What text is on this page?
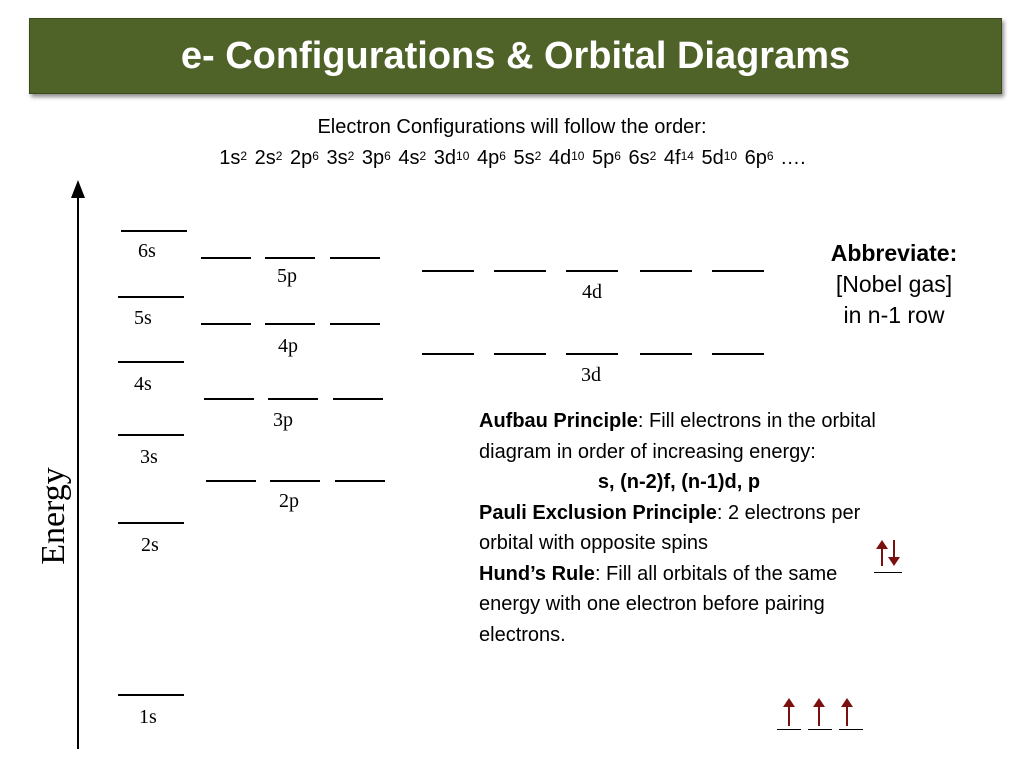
e- Configurations & Orbital Diagrams
Electron Configurations will follow the order:
$1s^2$ $2s^2$ $2p^6$ $3s^2$ $3p^6$ $4s^2$ $3d^{10}$ $4p^6$ $5s^2$ $4d^{10}$ $5p^6$ $6s^2$ $4f^{14}$ $5d^{10}$ $6p^6$ ….
Energy
6s
5s
4s
3s
2s
1s
5p
4p
3p
2p
4d
3d
Abbreviate:
[Nobel gas]
in n-1 row
Aufbau Principle: Fill electrons in the orbital diagram in order of increasing energy:
s, (n-2)f, (n-1)d, p
Pauli Exclusion Principle: 2 electrons per orbital with opposite spins
Hund’s Rule: Fill all orbitals of the same energy with one electron before pairing electrons.
